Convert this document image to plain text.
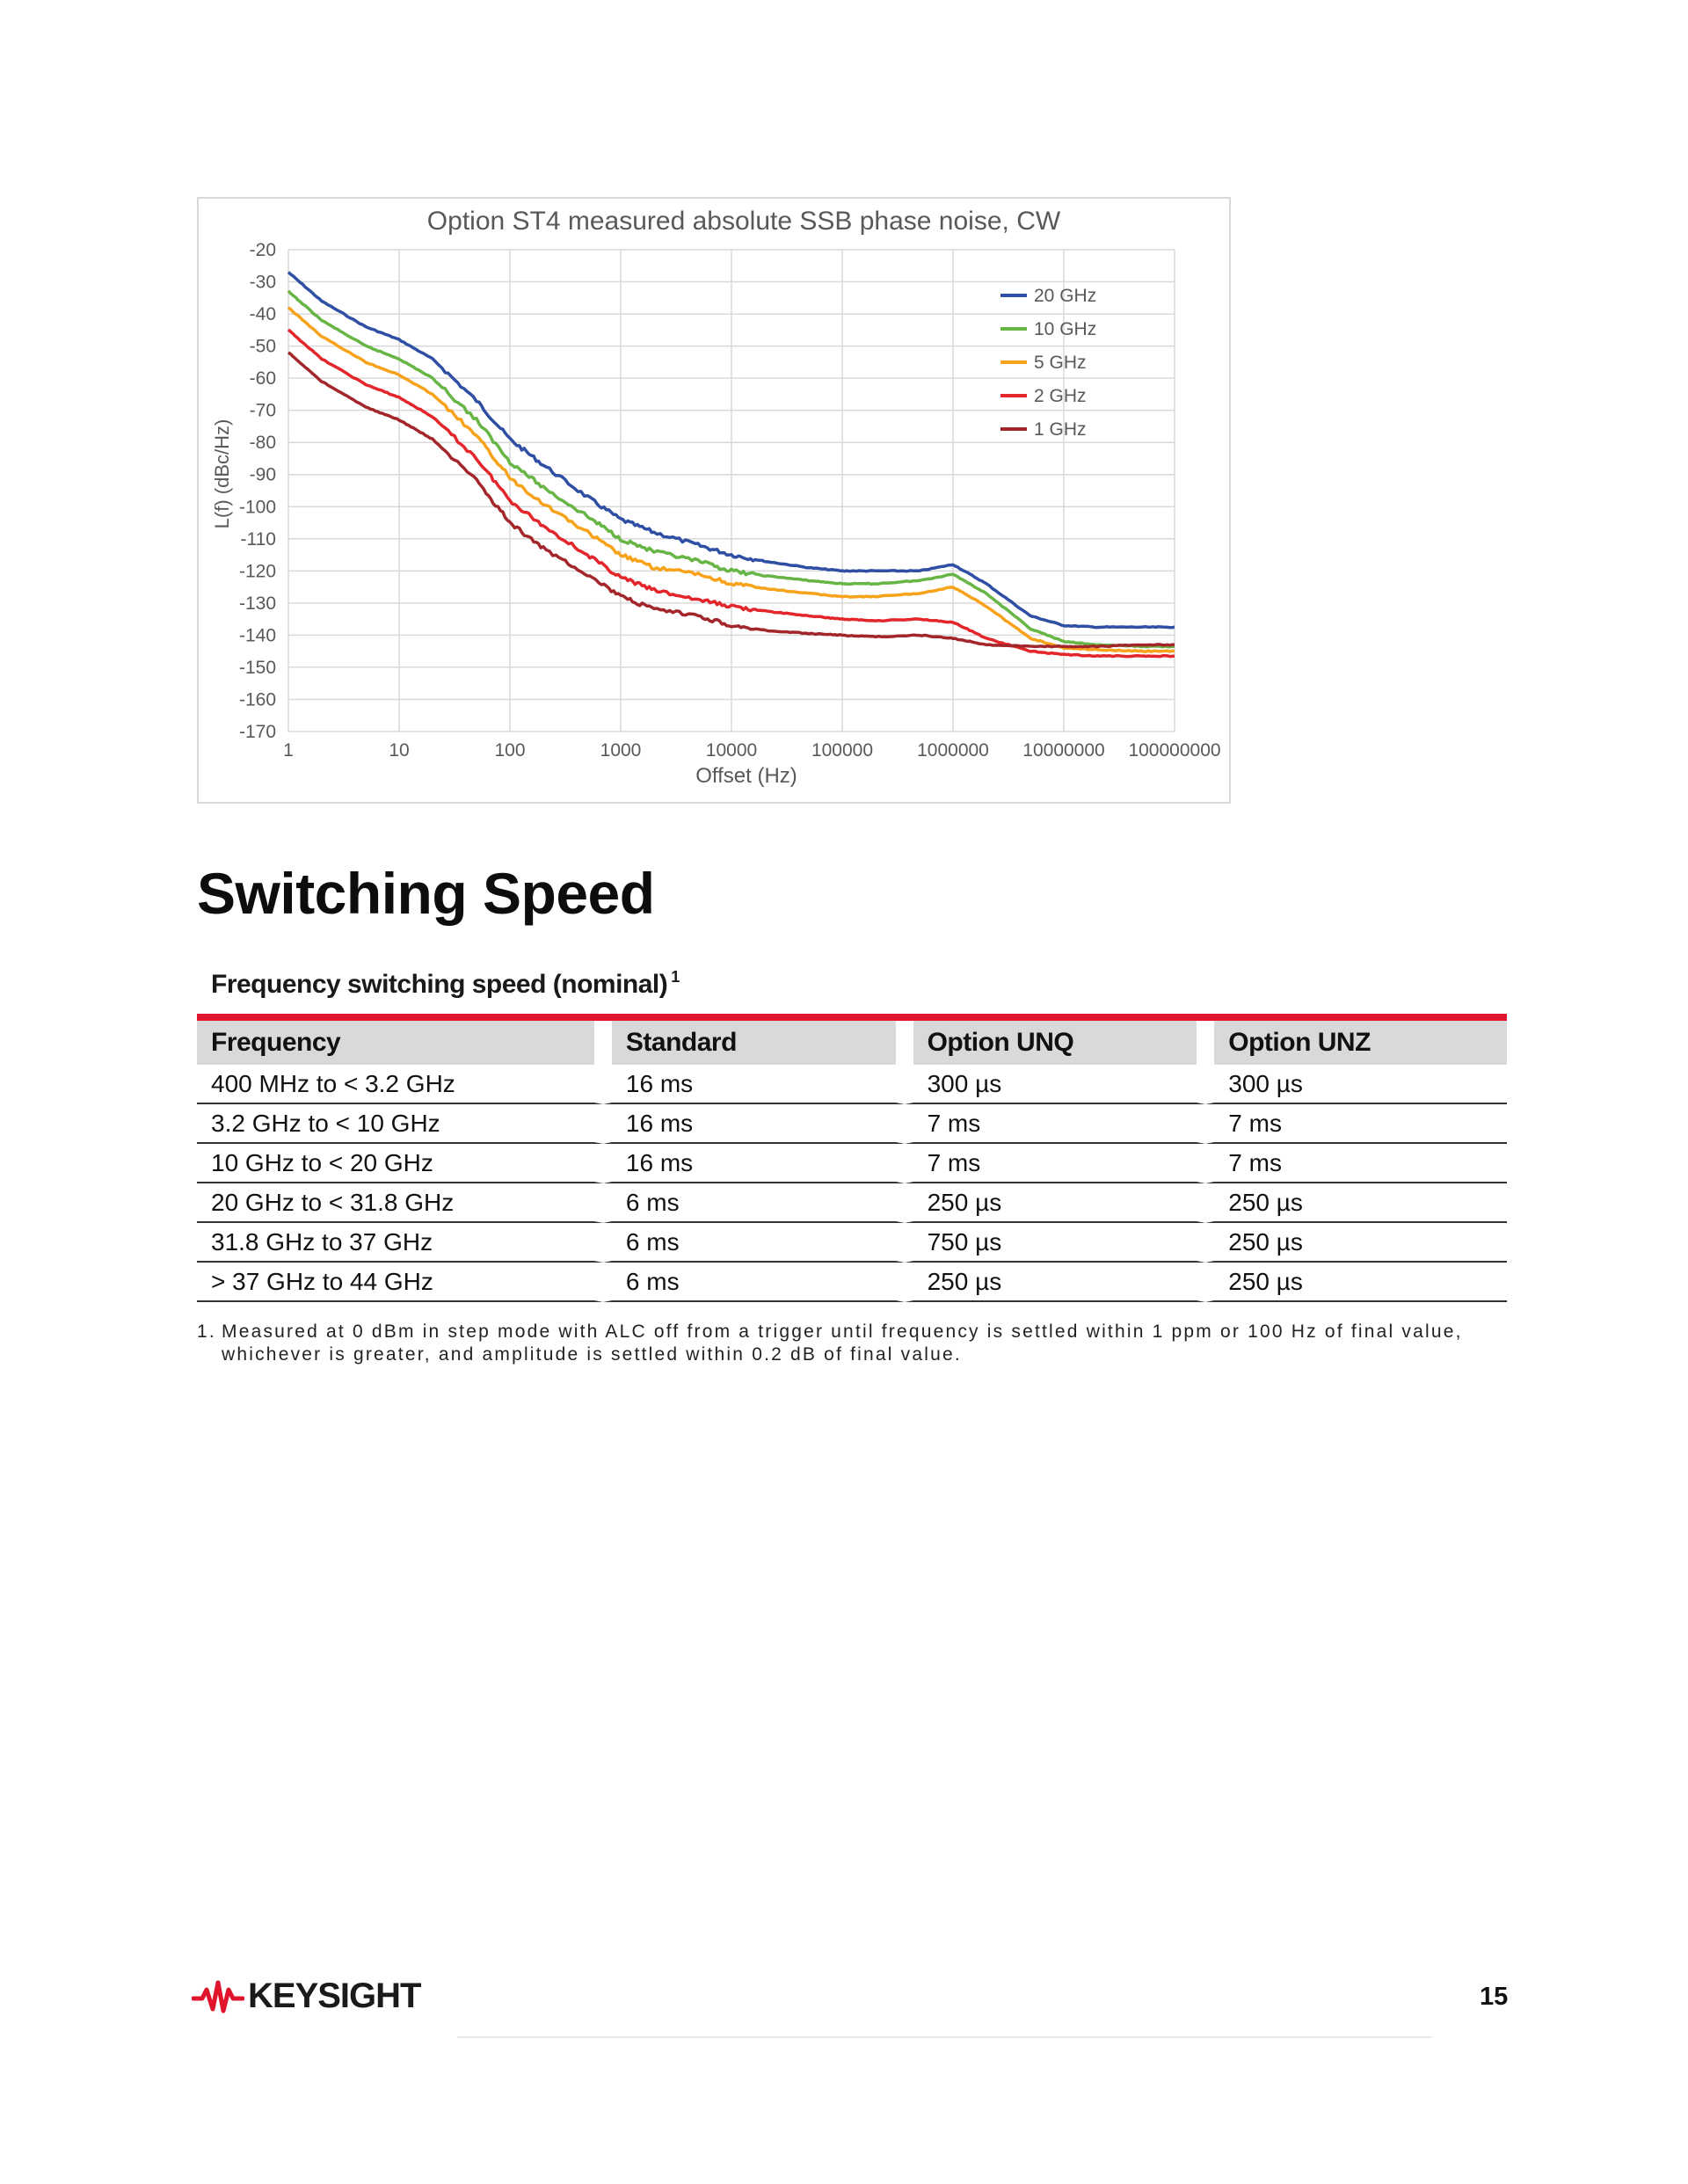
-20
-30
-40
-50
-60
-70
-80
-90
-100
-110
-120
-130
-140
-150
-160
-170
1	10	100	1000	10000	100000 1000000 10000000 100000000
Option ST4 measured absolute SSB phase noise, CW
Offset (Hz)
L(f) (dBc/Hz)
20 GHz
10 GHz
5 GHz
2 GHz
1 GHz
Switching Speed
Frequency switching speed (nominal) $^1$
Frequency	Standard	Option UNQ	Option UNZ
400 MHz to < 3.2 GHz	16 ms	300 µs	300 µs
3.2 GHz to < 10 GHz	16 ms	7 ms	7 ms
10 GHz to < 20 GHz	16 ms	7 ms	7 ms
20 GHz to < 31.8 GHz	6 ms	250 µs	250 µs
31.8 GHz to 37 GHz	6 ms	750 µs	250 µs
> 37 GHz to 44 GHz	6 ms	250 µs	250 µs
1. Measured at 0 dBm in step mode with ALC off from a trigger until frequency is settled within 1 ppm or 100 Hz of final value,
whichever is greater, and amplitude is settled within 0.2 dB of final value.
KEYSIGHT	15
